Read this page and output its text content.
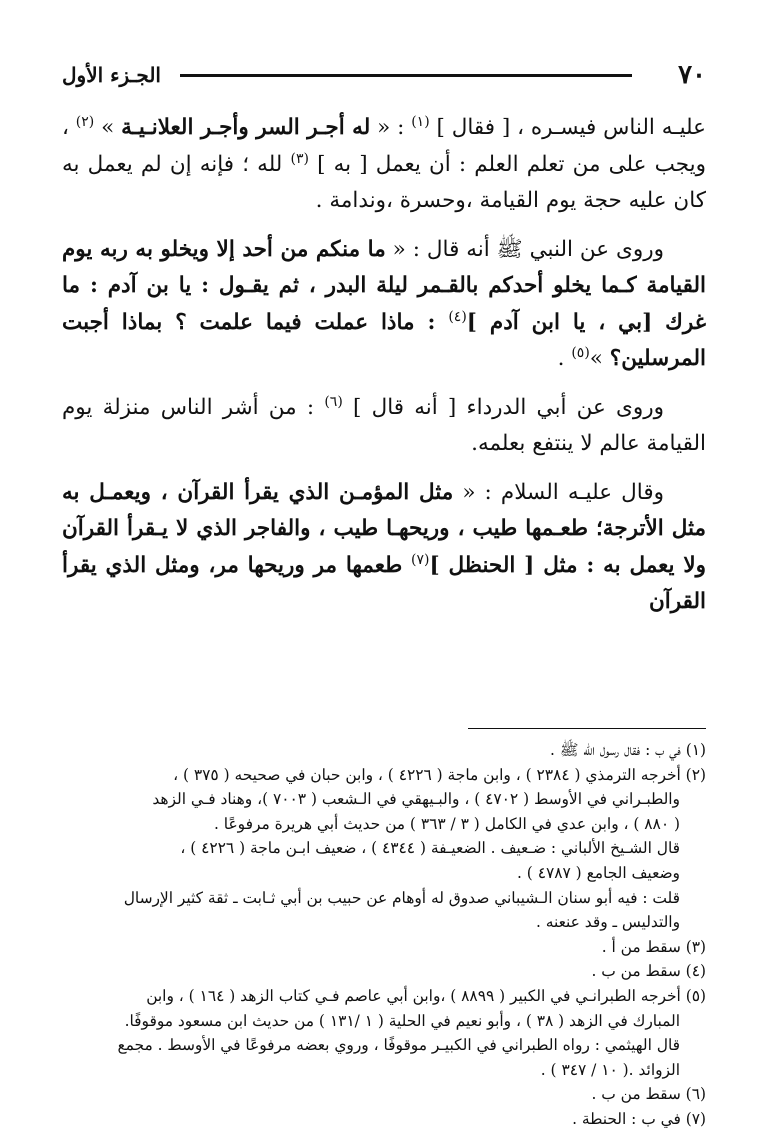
٧٠
الجـزء الأول

عليـه الناس فيسـره ، [ فقال ] $^{(١)}$ : « له أجـر السر وأجـر العلانـيـة » $^{(٢)}$ ، ويجب على من تعلم العلم : أن يعمل [ به ] $^{(٣)}$ لله ؛ فإنه إن لم يعمل به كان عليه حجة يوم القيامة ،وحسرة ،وندامة .

وروى عن النبي ﷺ أنه قال : « ما منكم من أحد إلا ويخلو به ربه يوم القيامة كـما يخلو أحدكم بالقـمر ليلة البدر ، ثم يقـول : يا بن آدم : ما غرك [بي ، يا ابن آدم ]$^{(٤)}$ : ماذا عملت فيما علمت ؟ بماذا أجبت المرسلين؟ »$^{(٥)}$ .

وروى عن أبي الدرداء [ أنه قال ] $^{(٦)}$ : من أشر الناس منزلة يوم القيامة عالم لا ينتفع بعلمه.

وقال عليـه السلام : « مثل المؤمـن الذي يقرأ القرآن ، ويعمـل به مثل الأترجة؛ طعـمها طيب ، وريحهـا طيب ، والفاجر الذي لا يـقرأ القرآن ولا يعمل به : مثل [ الحنظل ]$^{(٧)}$ طعمها مر وريحها مر، ومثل الذي يقرأ القرآن

(١) في ب : فقال رسول الله ﷺ .

(٢) أخرجه الترمذي ( ٢٣٨٤ ) ، وابن ماجة ( ٤٢٢٦ ) ، وابن حبان في صحيحه ( ٣٧٥ ) ،
والطبـراني في الأوسط ( ٤٧٠٢ ) ، والبـيهقي في الـشعب ( ٧٠٠٣ )، وهناد فـي الزهد
( ٨٨٠ ) ، وابن عدي في الكامل ( ٣ / ٣٦٣ ) من حديث أبي هريرة مرفوعًا .
قال الشـيخ الألباني : ضـعيف . الضعيـفة ( ٤٣٤٤ ) ، ضعيف ابـن ماجة ( ٤٢٢٦ ) ،
وضعيف الجامع ( ٤٧٨٧ ) .
قلت : فيه أبو سنان الـشيباني صدوق له أوهام عن حبيب بن أبي ثـابت ـ ثقة كثير الإرسال
والتدليس ـ وقد عنعنه .

(٣) سقط من أ .

(٤) سقط من ب .

(٥) أخرجه الطبرانـي في الكبير ( ٨٨٩٩ ) ،وابن أبي عاصم فـي كتاب الزهد ( ١٦٤ ) ، وابن
المبارك في الزهد ( ٣٨ ) ، وأبو نعيم في الحلية ( ١ /١٣١ ) من حديث ابن مسعود موقوفًا.
قال الهيثمي : رواه الطبراني في الكبيـر موقوفًا ، وروي بعضه مرفوعًا في الأوسط . مجمع
الزوائد .( ١٠ / ٣٤٧ ) .

(٦) سقط من ب .

(٧) في ب : الحنطة .
